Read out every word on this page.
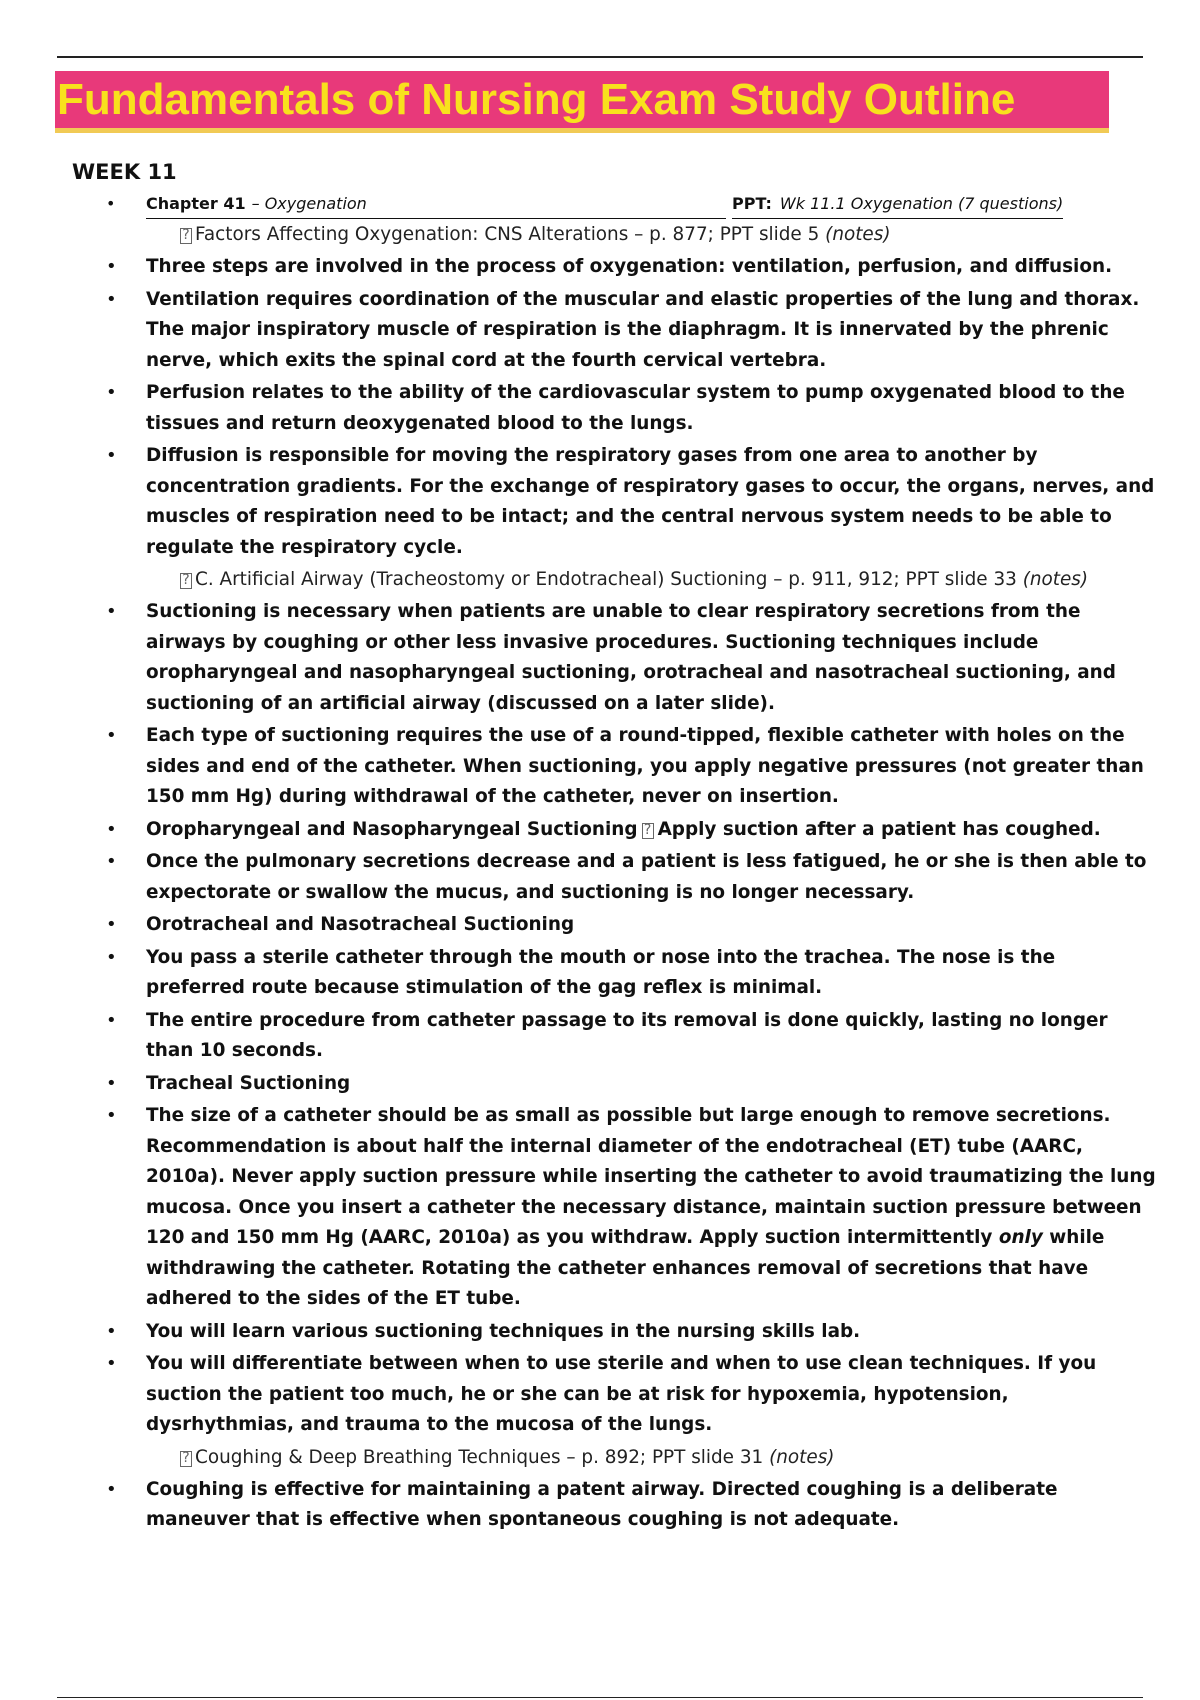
Fundamentals of Nursing Exam Study Outline
WEEK 11
• Chapter 41 – Oxygenation	PPT: Wk 11.1 Oxygenation (7 questions)
? Factors Affecting Oxygenation: CNS Alterations – p. 877; PPT slide 5 (notes)
• Three steps are involved in the process of oxygenation: ventilation, perfusion, and diffusion.
• Ventilation requires coordination of the muscular and elastic properties of the lung and thorax. The major inspiratory muscle of respiration is the diaphragm. It is innervated by the phrenic nerve, which exits the spinal cord at the fourth cervical vertebra.
• Perfusion relates to the ability of the cardiovascular system to pump oxygenated blood to the tissues and return deoxygenated blood to the lungs.
• Diffusion is responsible for moving the respiratory gases from one area to another by concentration gradients. For the exchange of respiratory gases to occur, the organs, nerves, and muscles of respiration need to be intact; and the central nervous system needs to be able to regulate the respiratory cycle.
? C. Artificial Airway (Tracheostomy or Endotracheal) Suctioning – p. 911, 912; PPT slide 33 (notes)
• Suctioning is necessary when patients are unable to clear respiratory secretions from the airways by coughing or other less invasive procedures. Suctioning techniques include oropharyngeal and nasopharyngeal suctioning, orotracheal and nasotracheal suctioning, and suctioning of an artificial airway (discussed on a later slide).
• Each type of suctioning requires the use of a round-tipped, flexible catheter with holes on the sides and end of the catheter. When suctioning, you apply negative pressures (not greater than 150 mm Hg) during withdrawal of the catheter, never on insertion.
• Oropharyngeal and Nasopharyngeal Suctioning ? Apply suction after a patient has coughed.
• Once the pulmonary secretions decrease and a patient is less fatigued, he or she is then able to expectorate or swallow the mucus, and suctioning is no longer necessary.
• Orotracheal and Nasotracheal Suctioning
• You pass a sterile catheter through the mouth or nose into the trachea. The nose is the preferred route because stimulation of the gag reflex is minimal.
• The entire procedure from catheter passage to its removal is done quickly, lasting no longer than 10 seconds.
• Tracheal Suctioning
• The size of a catheter should be as small as possible but large enough to remove secretions. Recommendation is about half the internal diameter of the endotracheal (ET) tube (AARC, 2010a). Never apply suction pressure while inserting the catheter to avoid traumatizing the lung mucosa. Once you insert a catheter the necessary distance, maintain suction pressure between 120 and 150 mm Hg (AARC, 2010a) as you withdraw. Apply suction intermittently only while withdrawing the catheter. Rotating the catheter enhances removal of secretions that have adhered to the sides of the ET tube.
• You will learn various suctioning techniques in the nursing skills lab.
• You will differentiate between when to use sterile and when to use clean techniques. If you suction the patient too much, he or she can be at risk for hypoxemia, hypotension, dysrhythmias, and trauma to the mucosa of the lungs.
? Coughing & Deep Breathing Techniques – p. 892; PPT slide 31 (notes)
• Coughing is effective for maintaining a patent airway. Directed coughing is a deliberate maneuver that is effective when spontaneous coughing is not adequate.
